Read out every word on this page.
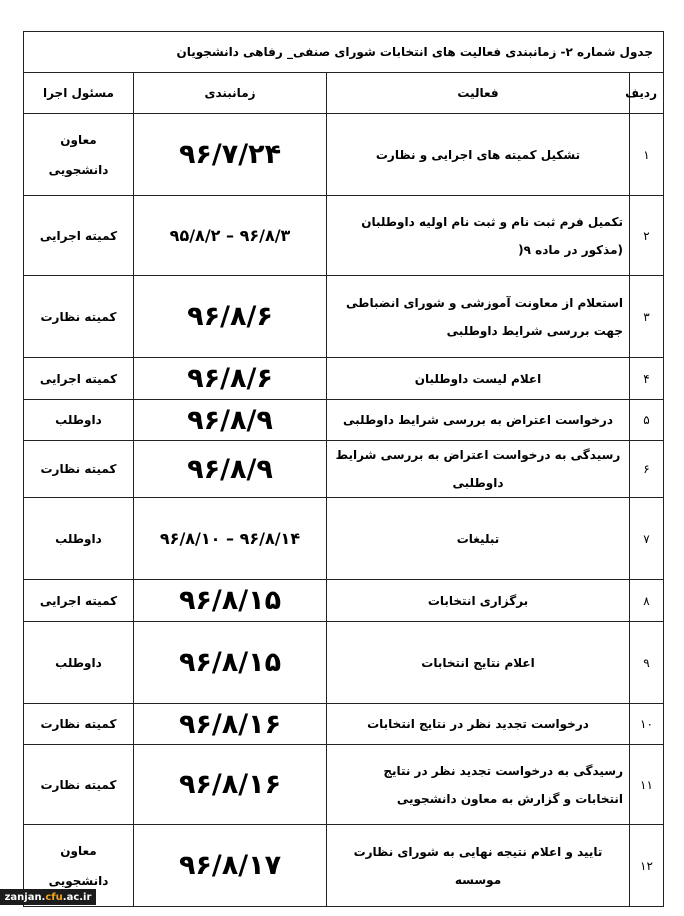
جدول شماره ۲- زمانبندی فعالیت های انتخابات شورای صنفی_ رفاهی دانشجویان			
ردیف	فعالیت	زمانبندی	مسئول اجرا
۱	تشکیل کمیته های اجرایی و نظارت	۹۶/۷/۲۴	معاون دانشجویی
۲	تکمیل فرم ثبت نام و ثبت نام اولیه داوطلبان (مذکور در ماده ۹(	۹۶/۸/۳ – ۹۵/۸/۲	کمیته اجرایی
۳	استعلام از معاونت آموزشی و شورای انضباطی جهت بررسی شرایط داوطلبی	۹۶/۸/۶	کمیته نظارت
۴	اعلام لیست داوطلبان	۹۶/۸/۶	کمیته اجرایی
۵	درخواست اعتراض به بررسی شرایط داوطلبی	۹۶/۸/۹	داوطلب
۶	رسیدگی به درخواست اعتراض به بررسی شرایط داوطلبی	۹۶/۸/۹	کمیته نظارت
۷	تبلیغات	۹۶/۸/۱۴ – ۹۶/۸/۱۰	داوطلب
۸	برگزاری انتخابات	۹۶/۸/۱۵	کمیته اجرایی
۹	اعلام نتایج انتخابات	۹۶/۸/۱۵	داوطلب
۱۰	درخواست تجدید نظر در نتایج انتخابات	۹۶/۸/۱۶	کمیته نظارت
۱۱	رسیدگی به درخواست تجدید نظر در نتایج انتخابات و گزارش به معاون دانشجویی	۹۶/۸/۱۶	کمیته نظارت
۱۲	تایید و اعلام نتیجه نهایی به شورای نظارت موسسه	۹۶/۸/۱۷	معاون دانشجویی
zanjan. cfu .ac.ir
